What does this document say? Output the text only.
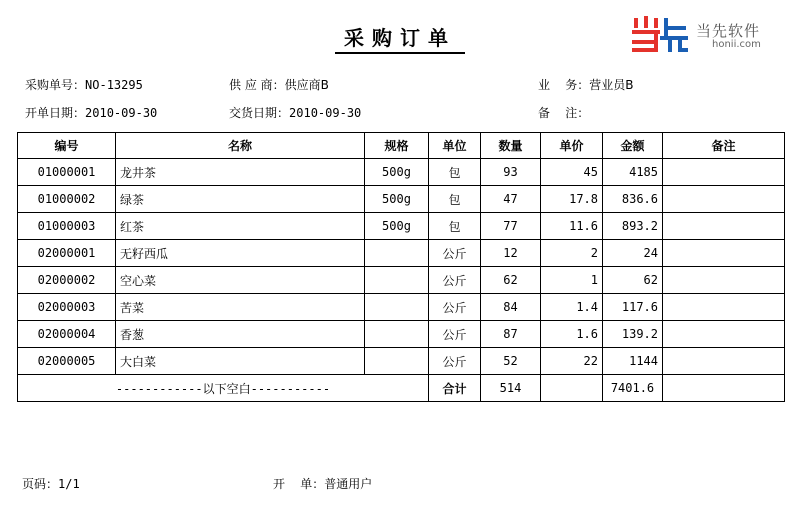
采购订单	当先软件
honii.com
采购单号：NO-13295	供 应 商：供应商B	业    务：营业员B
开单日期：2010-09-30	交货日期：2010-09-30	备    注：
编号	名称	规格	单位	数量	单价	金额	备注
01000001	龙井茶	500g	包	93	45	4185	
01000002	绿茶	500g	包	47	17.8	836.6	
01000003	红茶	500g	包	77	11.6	893.2	
02000001	无籽西瓜		公斤	12	2	24	
02000002	空心菜		公斤	62	1	62	
02000003	苦菜		公斤	84	1.4	117.6	
02000004	香葱		公斤	87	1.6	139.2	
02000005	大白菜		公斤	52	22	1144	
------------以下空白-----------			合计	514		7401.6	
页码：1/1	开    单：普通用户
